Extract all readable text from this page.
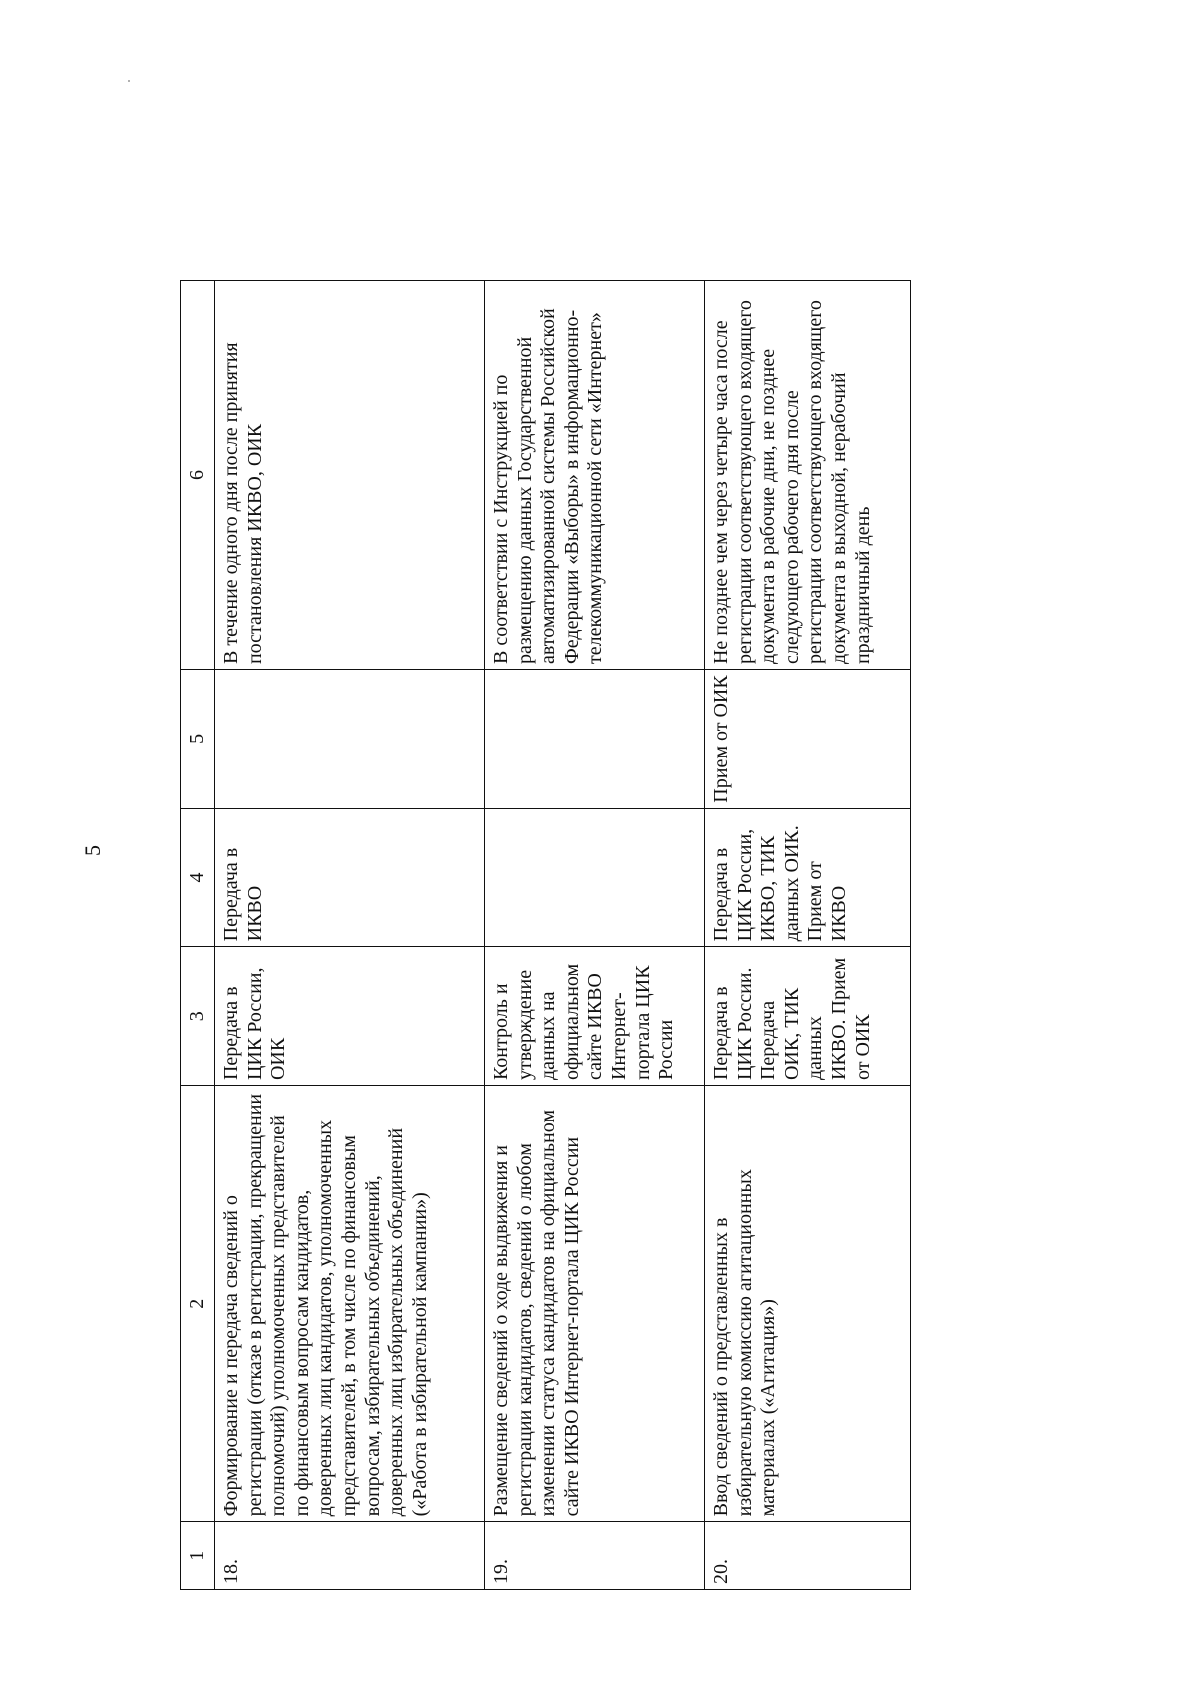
5
1	2	3	4	5	6
18.	Формирование и передача сведений о регистрации (отказе в регистрации, прекращении полномочий) уполномоченных представителей по финансовым вопросам кандидатов, доверенных лиц кандидатов, уполномоченных представителей, в том числе по финансовым вопросам, избирательных объединений, доверенных лиц избирательных объединений («Работа в избирательной кампании»)	Передача в ЦИК России, ОИК	Передача в ИКВО		В течение одного дня после принятия постановления ИКВО, ОИК
19.	Размещение сведений о ходе выдвижения и регистрации кандидатов, сведений о любом изменении статуса кандидатов на официальном сайте ИКВО Интернет-портала ЦИК России	Контроль и утверждение данных на официальном сайте ИКВО Интернет-портала ЦИК России			В соответствии с Инструкцией по размещению данных Государственной автоматизированной системы Российской Федерации «Выборы» в информационно-телекоммуникационной сети «Интернет»
20.	Ввод сведений о представленных в избирательную комиссию агитационных материалах («Агитация»)	Передача в ЦИК России. Передача ОИК, ТИК данных ИКВО. Прием от ОИК	Передача в ЦИК России, ИКВО, ТИК данных ОИК. Прием от ИКВО	Прием от ОИК	Не позднее чем через четыре часа после регистрации соответствующего входящего документа в рабочие дни, не позднее следующего рабочего дня после регистрации соответствующего входящего документа в выходной, нерабочий праздничный день
